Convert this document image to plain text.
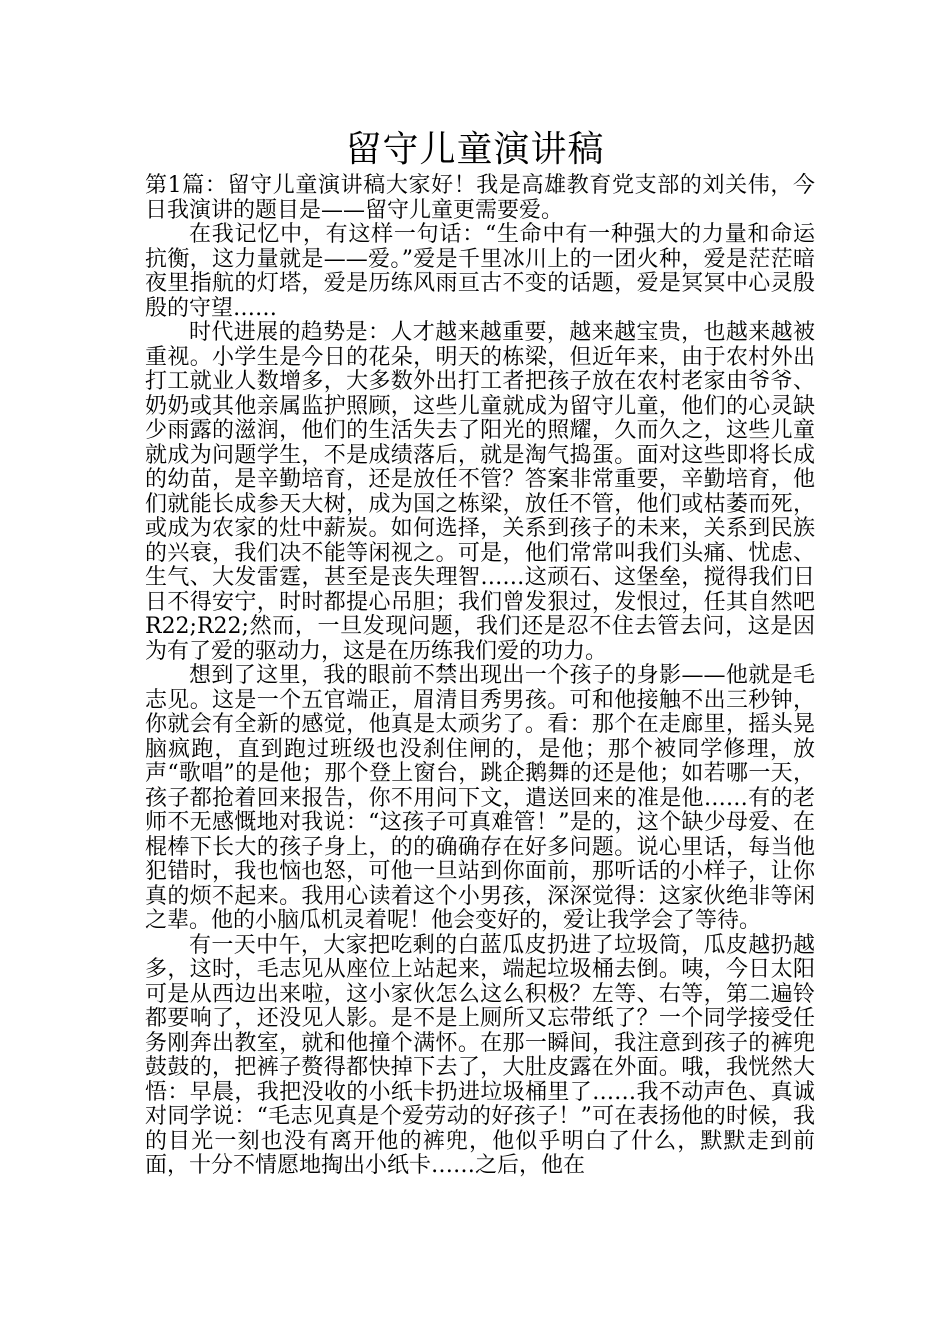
留守儿童演讲稿

第1篇：留守儿童演讲稿大家好！我是高雄教育党支部的刘关伟，今日我演讲的题目是——留守儿童更需要爱。

在我记忆中，有这样一句话：“生命中有一种强大的力量和命运抗衡，这力量就是——爱。”爱是千里冰川上的一团火种，爱是茫茫暗夜里指航的灯塔，爱是历练风雨亘古不变的话题，爱是冥冥中心灵殷殷的守望……

时代进展的趋势是：人才越来越重要，越来越宝贵，也越来越被重视。小学生是今日的花朵，明天的栋梁，但近年来，由于农村外出打工就业人数增多，大多数外出打工者把孩子放在农村老家由爷爷、奶奶或其他亲属监护照顾，这些儿童就成为留守儿童，他们的心灵缺少雨露的滋润，他们的生活失去了阳光的照耀，久而久之，这些儿童就成为问题学生，不是成绩落后，就是淘气捣蛋。面对这些即将长成的幼苗，是辛勤培育，还是放任不管？答案非常重要，辛勤培育，他们就能长成参天大树，成为国之栋梁，放任不管，他们或枯萎而死，或成为农家的灶中薪炭。如何选择，关系到孩子的未来，关系到民族的兴衰，我们决不能等闲视之。可是，他们常常叫我们头痛、忧虑、生气、大发雷霆，甚至是丧失理智……这顽石、这堡垒，搅得我们日日不得安宁，时时都提心吊胆；我们曾发狠过，发恨过，任其自然吧R22;R22;然而，一旦发现问题，我们还是忍不住去管去问，这是因为有了爱的驱动力，这是在历练我们爱的功力。

想到了这里，我的眼前不禁出现出一个孩子的身影——他就是毛志见。这是一个五官端正，眉清目秀男孩。可和他接触不出三秒钟，你就会有全新的感觉，他真是太顽劣了。看：那个在走廊里，摇头晃脑疯跑，直到跑过班级也没刹住闸的，是他；那个被同学修理，放声“歌唱”的是他；那个登上窗台，跳企鹅舞的还是他；如若哪一天，孩子都抢着回来报告，你不用问下文，遣送回来的准是他……有的老师不无感慨地对我说：“这孩子可真难管！”是的，这个缺少母爱、在棍棒下长大的孩子身上，的的确确存在好多问题。说心里话，每当他犯错时，我也恼也怒，可他一旦站到你面前，那听话的小样子，让你真的烦不起来。我用心读着这个小男孩，深深觉得：这家伙绝非等闲之辈。他的小脑瓜机灵着呢！他会变好的，爱让我学会了等待。

有一天中午，大家把吃剩的白蓝瓜皮扔进了垃圾筒，瓜皮越扔越多，这时，毛志见从座位上站起来，端起垃圾桶去倒。咦，今日太阳可是从西边出来啦，这小家伙怎么这么积极？左等、右等，第二遍铃都要响了，还没见人影。是不是上厕所又忘带纸了？一个同学接受任务刚奔出教室，就和他撞个满怀。在那一瞬间，我注意到孩子的裤兜鼓鼓的，把裤子赘得都快掉下去了，大肚皮露在外面。哦，我恍然大悟：早晨，我把没收的小纸卡扔进垃圾桶里了……我不动声色、真诚对同学说：“毛志见真是个爱劳动的好孩子！”可在表扬他的时候，我的目光一刻也没有离开他的裤兜，他似乎明白了什么，默默走到前面，十分不情愿地掏出小纸卡……之后，他在
